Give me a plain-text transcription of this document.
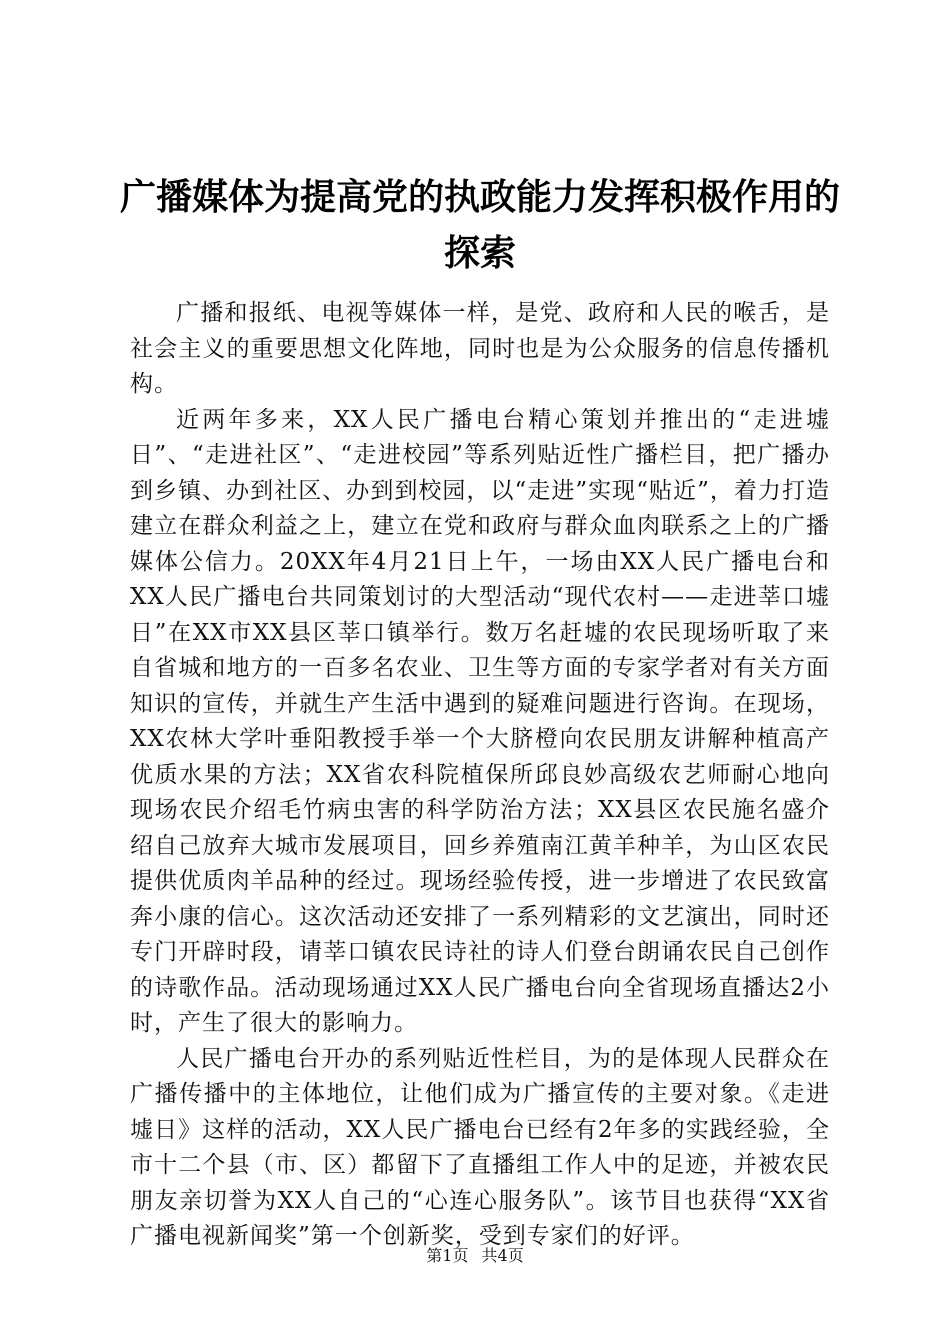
广播媒体为提高党的执政能力发挥积极作用的探索

广播和报纸、电视等媒体一样，是党、政府和人民的喉舌，是社会主义的重要思想文化阵地，同时也是为公众服务的信息传播机构。

近两年多来，XX人民广播电台精心策划并推出的“走进墟日”、“走进社区”、“走进校园”等系列贴近性广播栏目，把广播办到乡镇、办到社区、办到到校园，以“走进”实现“贴近”，着力打造建立在群众利益之上，建立在党和政府与群众血肉联系之上的广播媒体公信力。20XX年4月21日上午，一场由XX人民广播电台和XX人民广播电台共同策划讨的大型活动“现代农村——走进莘口墟日”在XX市XX县区莘口镇举行。数万名赶墟的农民现场听取了来自省城和地方的一百多名农业、卫生等方面的专家学者对有关方面知识的宣传，并就生产生活中遇到的疑难问题进行咨询。在现场，XX农林大学叶垂阳教授手举一个大脐橙向农民朋友讲解种植高产优质水果的方法；XX省农科院植保所邱良妙高级农艺师耐心地向现场农民介绍毛竹病虫害的科学防治方法；XX县区农民施名盛介绍自己放弃大城市发展项目，回乡养殖南江黄羊种羊，为山区农民提供优质肉羊品种的经过。现场经验传授，进一步增进了农民致富奔小康的信心。这次活动还安排了一系列精彩的文艺演出，同时还专门开辟时段，请莘口镇农民诗社的诗人们登台朗诵农民自己创作的诗歌作品。活动现场通过XX人民广播电台向全省现场直播达2小时，产生了很大的影响力。

人民广播电台开办的系列贴近性栏目，为的是体现人民群众在广播传播中的主体地位，让他们成为广播宣传的主要对象。《走进墟日》这样的活动，XX人民广播电台已经有2年多的实践经验，全市十二个县（市、区）都留下了直播组工作人中的足迹，并被农民朋友亲切誉为XX人自己的“心连心服务队”。该节目也获得“XX省广播电视新闻奖”第一个创新奖，受到专家们的好评。

第1页 共4页
